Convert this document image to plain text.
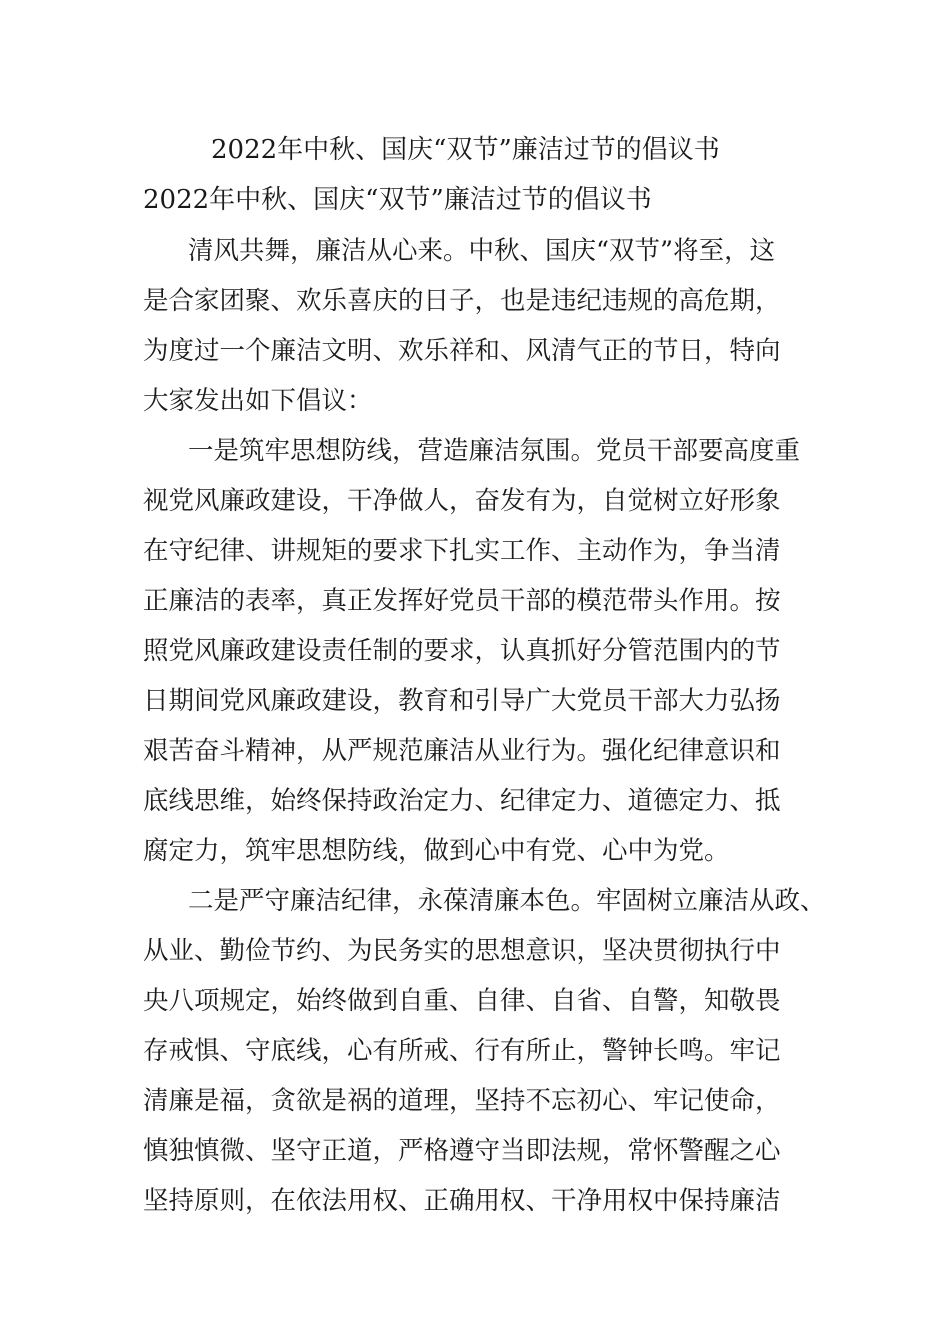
2022年中秋、国庆“双节”廉洁过节的倡议书
2022年中秋、国庆“双节”廉洁过节的倡议书
清风共舞，廉洁从心来。中秋、国庆“双节”将至，这
是合家团聚、欢乐喜庆的日子，也是违纪违规的高危期，
为度过一个廉洁文明、欢乐祥和、风清气正的节日，特向
大家发出如下倡议：
一是筑牢思想防线，营造廉洁氛围。党员干部要高度重
视党风廉政建设，干净做人，奋发有为，自觉树立好形象
在守纪律、讲规矩的要求下扎实工作、主动作为，争当清
正廉洁的表率，真正发挥好党员干部的模范带头作用。按
照党风廉政建设责任制的要求，认真抓好分管范围内的节
日期间党风廉政建设，教育和引导广大党员干部大力弘扬
艰苦奋斗精神，从严规范廉洁从业行为。强化纪律意识和
底线思维，始终保持政治定力、纪律定力、道德定力、抵
腐定力，筑牢思想防线，做到心中有党、心中为党。
二是严守廉洁纪律，永葆清廉本色。牢固树立廉洁从政、
从业、勤俭节约、为民务实的思想意识，坚决贯彻执行中
央八项规定，始终做到自重、自律、自省、自警，知敬畏
存戒惧、守底线，心有所戒、行有所止，警钟长鸣。牢记
清廉是福，贪欲是祸的道理，坚持不忘初心、牢记使命，
慎独慎微、坚守正道，严格遵守当即法规，常怀警醒之心
坚持原则，在依法用权、正确用权、干净用权中保持廉洁
